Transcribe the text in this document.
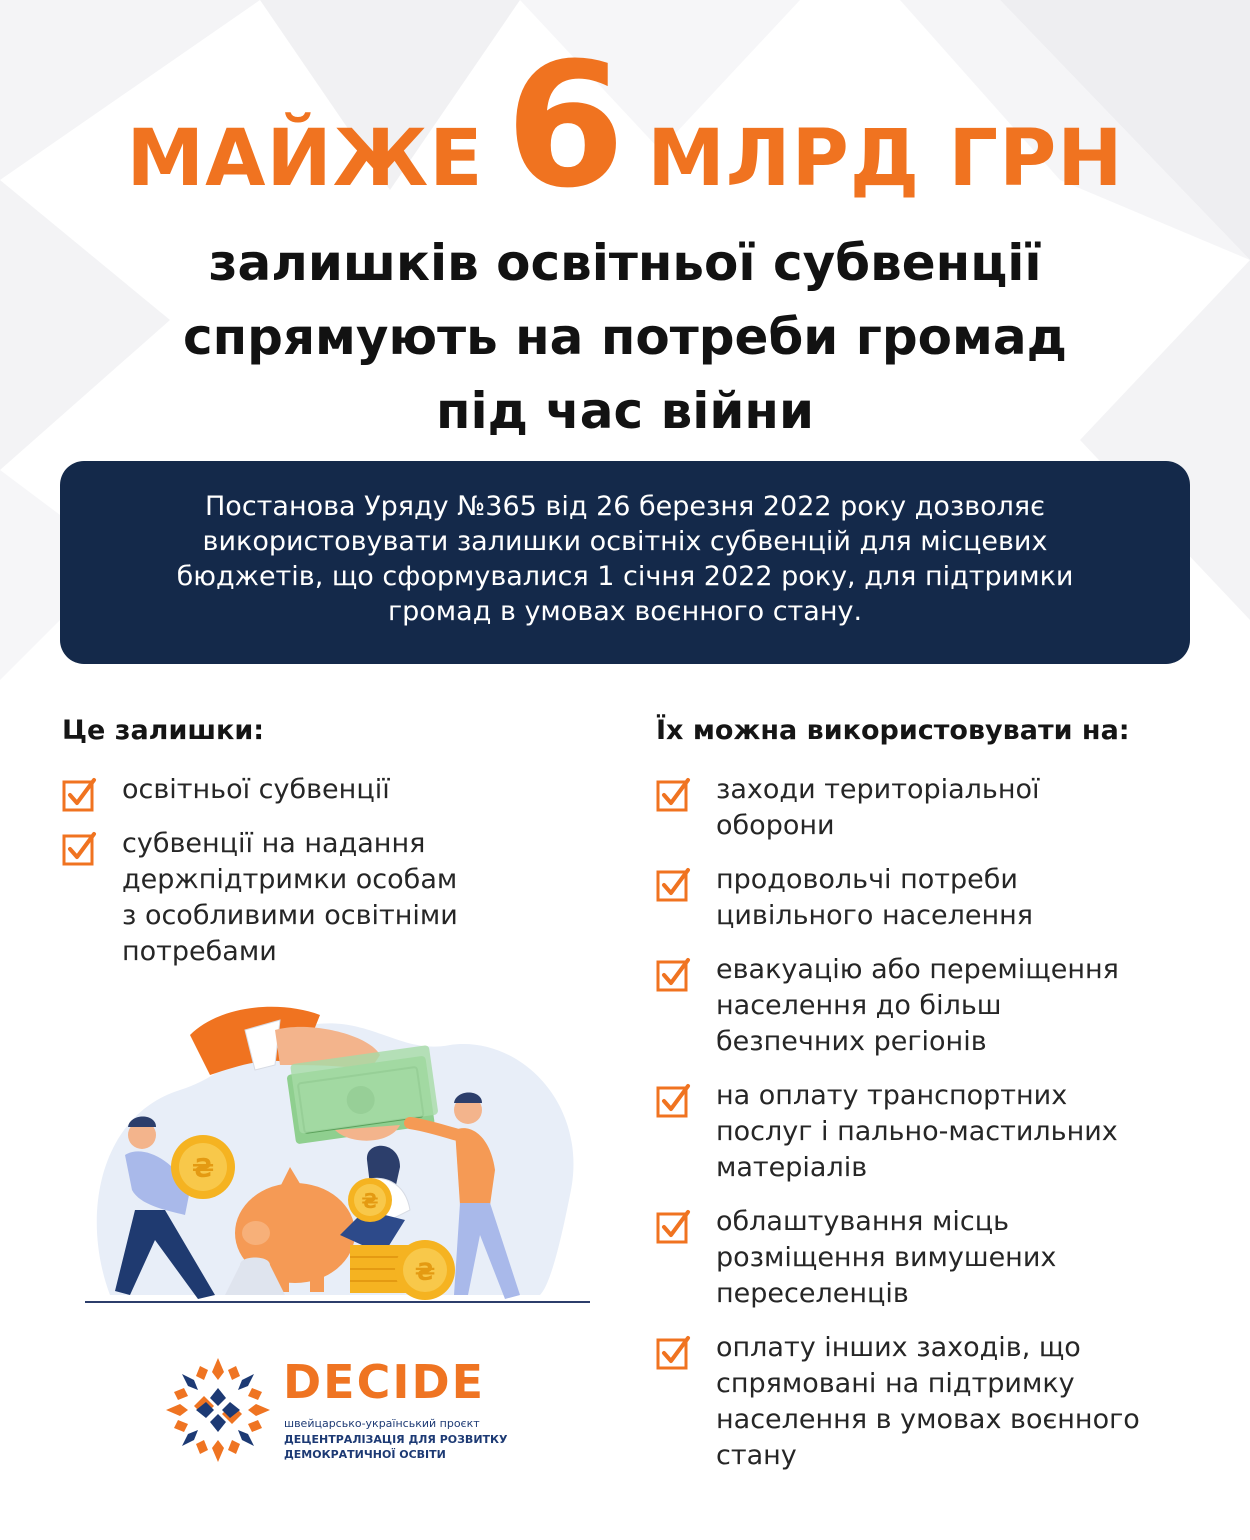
МАЙЖЕ 6 МЛРД ГРН
залишків освітньої субвенції
спрямують на потреби громад
під час війни
Постанова Уряду №365 від 26 березня 2022 року дозволяє
використовувати залишки освітніх субвенцій для місцевих
бюджетів, що сформувалися 1 січня 2022 року, для підтримки
громад в умовах воєнного стану.
Це залишки:
освітньої субвенції
субвенції на надання
держпідтримки особам
з особливими освітніми
потребами
Їх можна використовувати на:
заходи територіальної
оборони
продовольчі потреби
цивільного населення
евакуацію або переміщення
населення до більш
безпечних регіонів
на оплату транспортних
послуг і пально-мастильних
матеріалів
облаштування місць
розміщення вимушених
переселенців
оплату інших заходів, що
спрямовані на підтримку
населення в умовах воєнного
стану
₴
₴
₴
DECIDE
швейцарсько-український проєкт
ДЕЦЕНТРАЛІЗАЦІЯ ДЛЯ РОЗВИТКУ
ДЕМОКРАТИЧНОЇ ОСВІТИ
